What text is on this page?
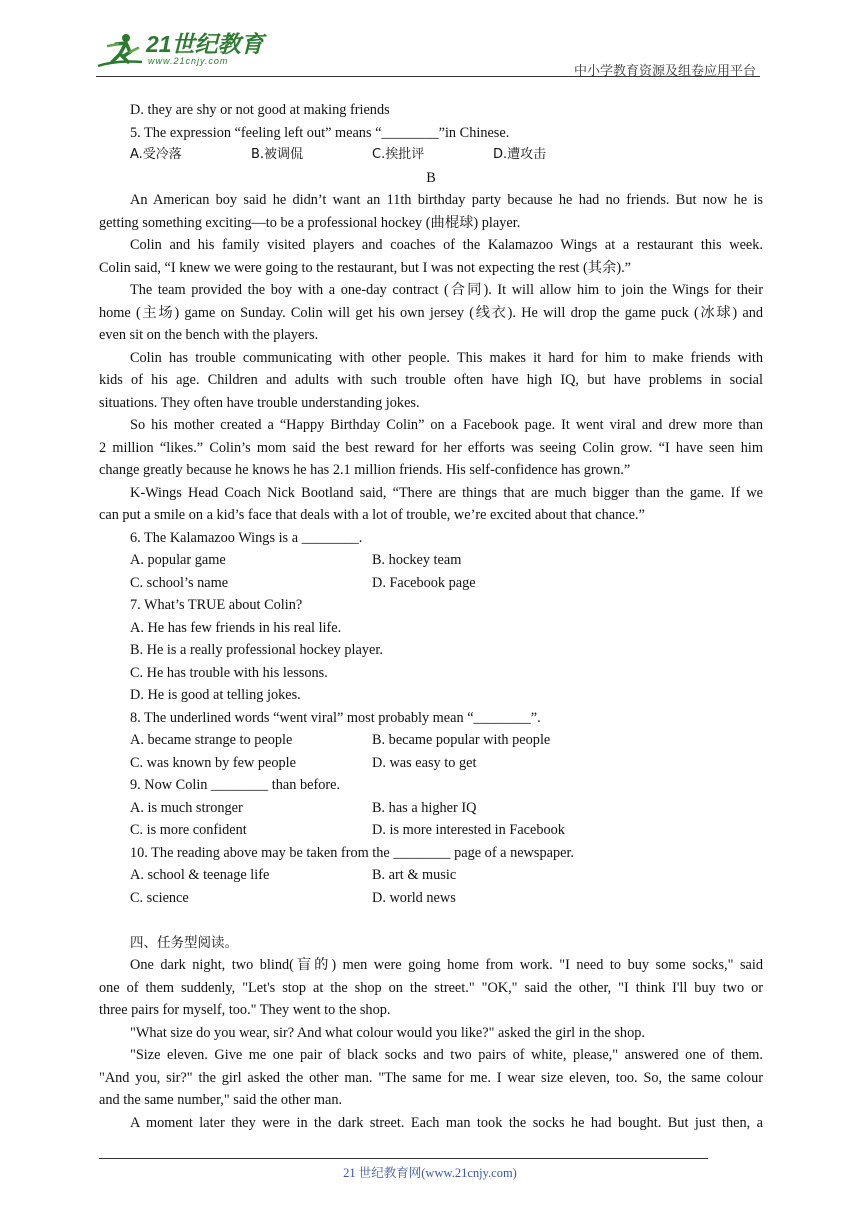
21世纪教育
www.21cnjy.com
中小学教育资源及组卷应用平台
D. they are shy or not good at making friends
5. The expression “feeling left out” means “________”in Chinese.
A.受冷落	B.被调侃	C.挨批评	D.遭攻击
B
An American boy said he didn’t want an 11th birthday party because he had no friends. But now he is
getting something exciting—to be a professional hockey (曲棍球) player.
Colin and his family visited players and coaches of the Kalamazoo Wings at a restaurant this week.
Colin said, “I knew we were going to the restaurant, but I was not expecting the rest (其余).”
The team provided the boy with a one-day contract (合同). It will allow him to join the Wings for their
home (主场) game on Sunday. Colin will get his own jersey (线衣). He will drop the game puck (冰球) and
even sit on the bench with the players.
Colin has trouble communicating with other people. This makes it hard for him to make friends with
kids of his age. Children and adults with such trouble often have high IQ, but have problems in social
situations. They often have trouble understanding jokes.
So his mother created a “Happy Birthday Colin” on a Facebook page. It went viral and drew more than
2 million “likes.” Colin’s mom said the best reward for her efforts was seeing Colin grow. “I have seen him
change greatly because he knows he has 2.1 million friends. His self-confidence has grown.”
K-Wings Head Coach Nick Bootland said, “There are things that are much bigger than the game. If we
can put a smile on a kid’s face that deals with a lot of trouble, we’re excited about that chance.”
6. The Kalamazoo Wings is a ________.
A. popular game	B. hockey team
C. school’s name	D. Facebook page
7. What’s TRUE about Colin?
A. He has few friends in his real life.
B. He is a really professional hockey player.
C. He has trouble with his lessons.
D. He is good at telling jokes.
8. The underlined words “went viral” most probably mean “________”.
A. became strange to people	B. became popular with people
C. was known by few people	D. was easy to get
9. Now Colin ________ than before.
A. is much stronger	B. has a higher IQ
C. is more confident	D. is more interested in Facebook
10. The reading above may be taken from the ________ page of a newspaper.
A. school & teenage life	B. art & music
C. science	D. world news
四、任务型阅读。
One dark night, two blind(盲的) men were going home from work. "I need to buy some socks," said
one of them suddenly, "Let's stop at the shop on the street." "OK," said the other, "I think I'll buy two or
three pairs for myself, too." They went to the shop.
"What size do you wear, sir? And what colour would you like?" asked the girl in the shop.
"Size eleven. Give me one pair of black socks and two pairs of white, please," answered one of them.
"And you, sir?" the girl asked the other man. "The same for me. I wear size eleven, too. So, the same colour
and the same number," said the other man.
A moment later they were in the dark street. Each man took the socks he had bought. But just then, a
21 世纪教育网(www.21cnjy.com)
